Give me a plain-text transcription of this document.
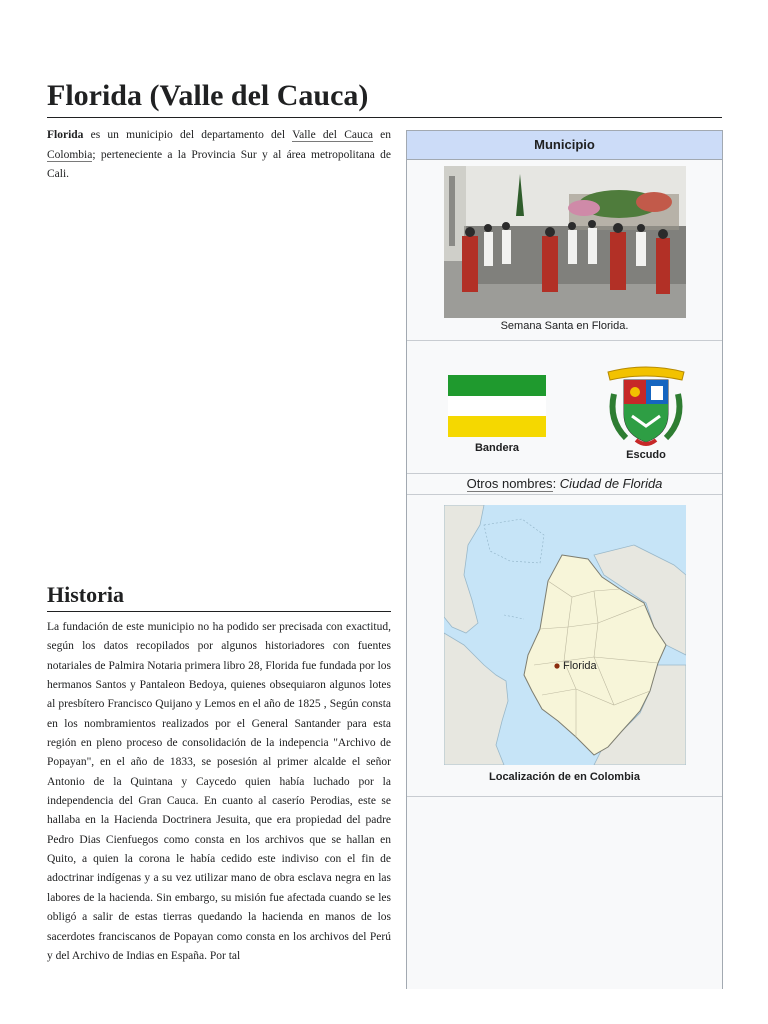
Florida (Valle del Cauca)

Florida es un municipio del departamento del Valle del Cauca en Colombia; perteneciente a la Provincia Sur y al área metropolitana de Cali.

Historia

La fundación de este municipio no ha podido ser precisada con exactitud, según los datos recopilados por algunos historiadores con fuentes notariales de Palmira Notaria primera libro 28, Florida fue fundada por los hermanos Santos y Pantaleon Bedoya, quienes obsequiaron algunos lotes al presbítero Francisco Quijano y Lemos en el año de 1825 , Según consta en los nombramientos realizados por el General Santander para esta región en pleno proceso de consolidación de la indepencia "Archivo de Popayan", en el año de 1833, se posesión al primer alcalde el señor Antonio de la Quintana y Caycedo quien había luchado por la independencia del Gran Cauca. En cuanto al caserío Perodias, este se hallaba en la Hacienda Doctrinera Jesuita, que era propiedad del padre Pedro Dias Cienfuegos como consta en los archivos que se hallan en Quito, a quien la corona le había cedido este indiviso con el fin de adoctrinar indígenas y a su vez utilizar mano de obra esclava negra en las labores de la hacienda. Sin embargo, su misión fue afectada cuando se les obligó a salir de estas tierras quedando la hacienda en manos de los sacerdotes franciscanos de Popayan como consta en los archivos del Perú y del Archivo de Indias en España. Por tal

Municipio
Semana Santa en Florida.
Bandera
Escudo
Otros nombres: Ciudad de Florida
Florida
Localización de en Colombia
